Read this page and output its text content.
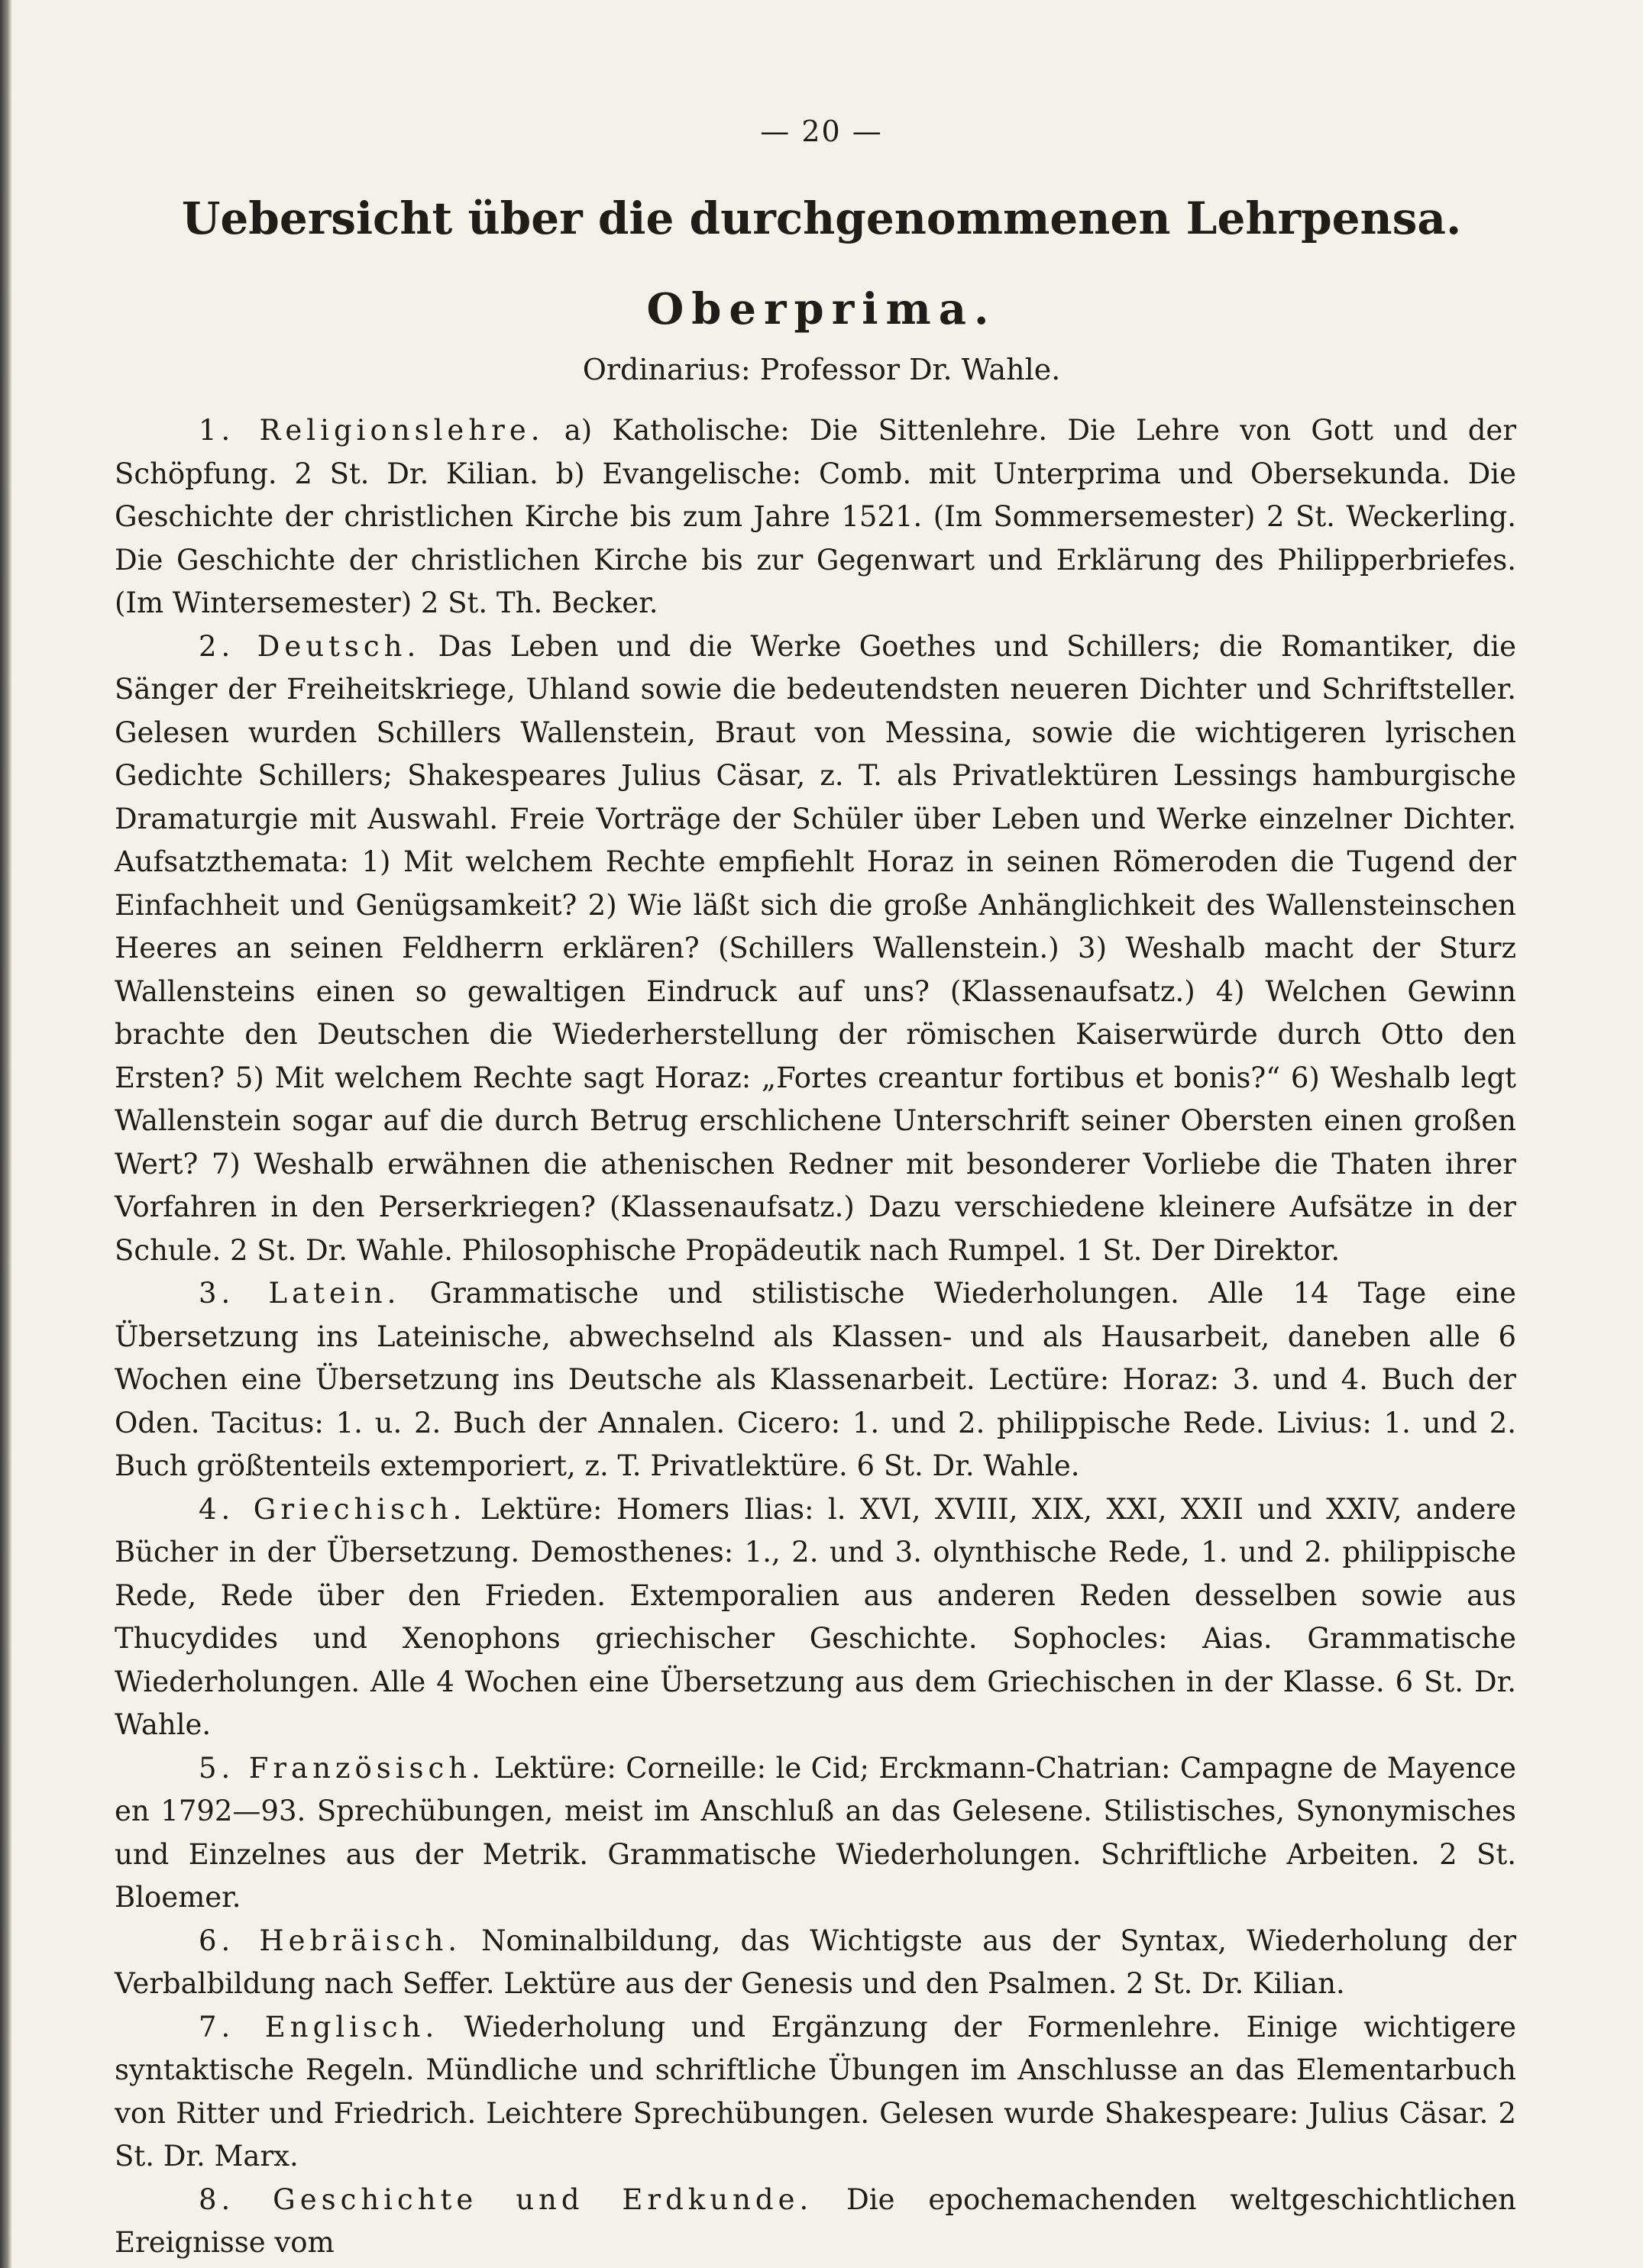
— 20 —
Uebersicht über die durchgenommenen Lehrpensa.
Oberprima.
Ordinarius: Professor Dr. Wahle.

1. Religionslehre. a) Katholische: Die Sittenlehre. Die Lehre von Gott und der Schöpfung. 2 St. Dr. Kilian. b) Evangelische: Comb. mit Unterprima und Obersekunda. Die Geschichte der christlichen Kirche bis zum Jahre 1521. (Im Sommersemester) 2 St. Weckerling. Die Geschichte der christlichen Kirche bis zur Gegenwart und Erklärung des Philipperbriefes. (Im Wintersemester) 2 St. Th. Becker.

2. Deutsch. Das Leben und die Werke Goethes und Schillers; die Romantiker, die Sänger der Freiheitskriege, Uhland sowie die bedeutendsten neueren Dichter und Schriftsteller. Gelesen wurden Schillers Wallenstein, Braut von Messina, sowie die wichtigeren lyrischen Gedichte Schillers; Shakespeares Julius Cäsar, z. T. als Privatlektüren Lessings hamburgische Dramaturgie mit Auswahl. Freie Vorträge der Schüler über Leben und Werke einzelner Dichter. Aufsatzthemata: 1) Mit welchem Rechte empfiehlt Horaz in seinen Römeroden die Tugend der Einfachheit und Genügsamkeit? 2) Wie läßt sich die große Anhänglichkeit des Wallensteinschen Heeres an seinen Feldherrn erklären? (Schillers Wallenstein.) 3) Weshalb macht der Sturz Wallensteins einen so gewaltigen Eindruck auf uns? (Klassenaufsatz.) 4) Welchen Gewinn brachte den Deutschen die Wiederherstellung der römischen Kaiserwürde durch Otto den Ersten? 5) Mit welchem Rechte sagt Horaz: „Fortes creantur fortibus et bonis?“ 6) Weshalb legt Wallenstein sogar auf die durch Betrug erschlichene Unterschrift seiner Obersten einen großen Wert? 7) Weshalb erwähnen die athenischen Redner mit besonderer Vorliebe die Thaten ihrer Vorfahren in den Perserkriegen? (Klassenaufsatz.) Dazu verschiedene kleinere Aufsätze in der Schule. 2 St. Dr. Wahle. Philosophische Propädeutik nach Rumpel. 1 St. Der Direktor.

3. Latein. Grammatische und stilistische Wiederholungen. Alle 14 Tage eine Übersetzung ins Lateinische, abwechselnd als Klassen- und als Hausarbeit, daneben alle 6 Wochen eine Übersetzung ins Deutsche als Klassenarbeit. Lectüre: Horaz: 3. und 4. Buch der Oden. Tacitus: 1. u. 2. Buch der Annalen. Cicero: 1. und 2. philippische Rede. Livius: 1. und 2. Buch größtenteils extemporiert, z. T. Privatlektüre. 6 St. Dr. Wahle.

4. Griechisch. Lektüre: Homers Ilias: l. XVI, XVIII, XIX, XXI, XXII und XXIV, andere Bücher in der Übersetzung. Demosthenes: 1., 2. und 3. olynthische Rede, 1. und 2. philippische Rede, Rede über den Frieden. Extemporalien aus anderen Reden desselben sowie aus Thucydides und Xenophons griechischer Geschichte. Sophocles: Aias. Grammatische Wiederholungen. Alle 4 Wochen eine Übersetzung aus dem Griechischen in der Klasse. 6 St. Dr. Wahle.

5. Französisch. Lektüre: Corneille: le Cid; Erckmann-Chatrian: Campagne de Mayence en 1792—93. Sprechübungen, meist im Anschluß an das Gelesene. Stilistisches, Synonymisches und Einzelnes aus der Metrik. Grammatische Wiederholungen. Schriftliche Arbeiten. 2 St. Bloemer.

6. Hebräisch. Nominalbildung, das Wichtigste aus der Syntax, Wiederholung der Verbalbildung nach Seffer. Lektüre aus der Genesis und den Psalmen. 2 St. Dr. Kilian.

7. Englisch. Wiederholung und Ergänzung der Formenlehre. Einige wichtigere syntaktische Regeln. Mündliche und schriftliche Übungen im Anschlusse an das Elementarbuch von Ritter und Friedrich. Leichtere Sprechübungen. Gelesen wurde Shakespeare: Julius Cäsar. 2 St. Dr. Marx.

8. Geschichte und Erdkunde. Die epochemachenden weltgeschichtlichen Ereignisse vom
